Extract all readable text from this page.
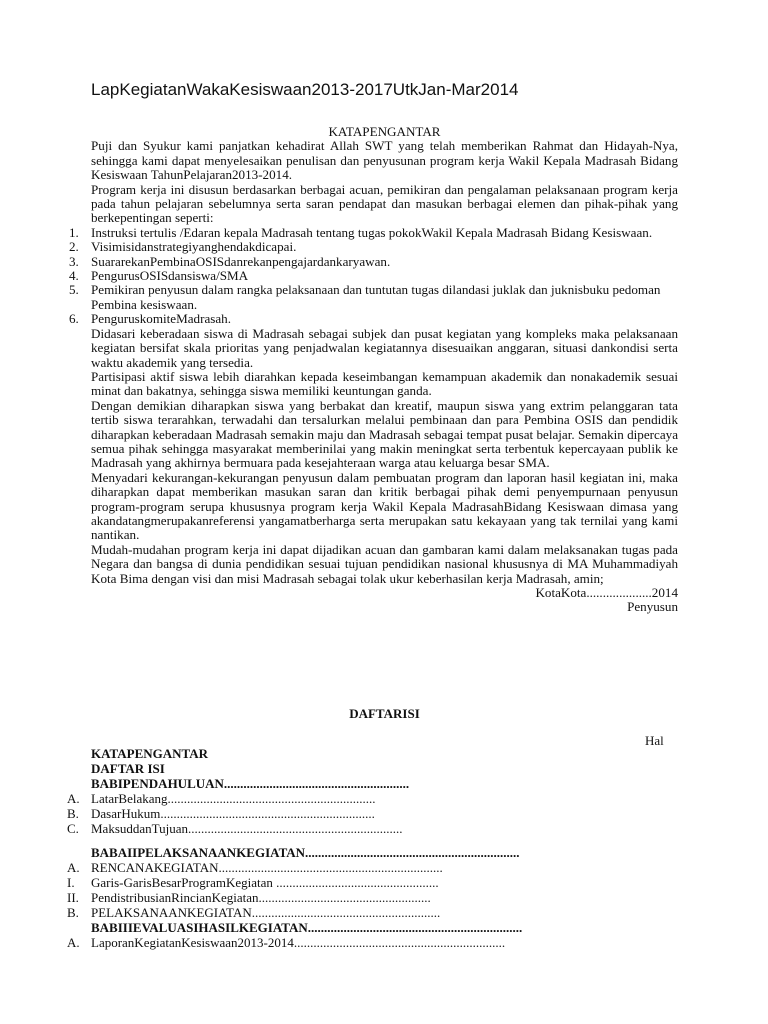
LapKegiatanWakaKesiswaan2013-2017UtkJan-Mar2014
KATAPENGANTAR

Puji dan Syukur kami panjatkan kehadirat Allah SWT yang telah memberikan Rahmat dan Hidayah-Nya, sehingga kami dapat menyelesaikan penulisan dan penyusunan program kerja Wakil Kepala Madrasah Bidang Kesiswaan TahunPelajaran2013-2014.

Program kerja ini disusun berdasarkan berbagai acuan, pemikiran dan pengalaman pelaksanaan program kerja pada tahun pelajaran sebelumnya serta saran pendapat dan masukan berbagai elemen dan pihak-pihak yang berkepentingan seperti:

1. Instruksi tertulis /Edaran kepala Madrasah tentang tugas pokokWakil Kepala Madrasah Bidang Kesiswaan.
2. Visimisidanstrategiyanghendakdicapai.
3. SuararekanPembinaOSISdanrekanpengajardankaryawan.
4. PengurusOSISdansiswa/SMA
5. Pemikiran penyusun dalam rangka pelaksanaan dan tuntutan tugas dilandasi juklak dan juknisbuku pedoman Pembina kesiswaan.
6. PenguruskomiteMadrasah.

Didasari keberadaan siswa di Madrasah sebagai subjek dan pusat kegiatan yang kompleks maka pelaksanaan kegiatan bersifat skala prioritas yang penjadwalan kegiatannya disesuaikan anggaran, situasi dankondisi serta waktu akademik yang tersedia.

Partisipasi aktif siswa lebih diarahkan kepada keseimbangan kemampuan akademik dan nonakademik sesuai minat dan bakatnya, sehingga siswa memiliki keuntungan ganda.

Dengan demikian diharapkan siswa yang berbakat dan kreatif, maupun siswa yang extrim pelanggaran tata tertib siswa terarahkan, terwadahi dan tersalurkan melalui pembinaan dan para Pembina OSIS dan pendidik diharapkan keberadaan Madrasah semakin maju dan Madrasah sebagai tempat pusat belajar. Semakin dipercaya semua pihak sehingga masyarakat memberinilai yang makin meningkat serta terbentuk kepercayaan publik ke Madrasah yang akhirnya bermuara pada kesejahteraan warga atau keluarga besar SMA.

Menyadari kekurangan-kekurangan penyusun dalam pembuatan program dan laporan hasil kegiatan ini, maka diharapkan dapat memberikan masukan saran dan kritik berbagai pihak demi penyempurnaan penyusun program-program serupa khususnya program kerja Wakil Kepala MadrasahBidang Kesiswaan dimasa yang akandatangmerupakanreferensi yangamatberharga serta merupakan satu kekayaan yang tak ternilai yang kami nantikan.

Mudah-mudahan program kerja ini dapat dijadikan acuan dan gambaran kami dalam melaksanakan tugas pada Negara dan bangsa di dunia pendidikan sesuai tujuan pendidikan nasional khususnya di MA Muhammadiyah Kota Bima dengan visi dan misi Madrasah sebagai tolak ukur keberhasilan kerja Madrasah, amin;

KotaKota....................2014
Penyusun
DAFTARISI
Hal
KATAPENGANTAR
DAFTAR ISI
BABIPENDAHULUAN.........................................................
A. LatarBelakang................................................................
B. DasarHukum..................................................................
C. MaksuddanTujuan..................................................................
BABAIIPELAKSANAANKEGIATAN..................................................................
A. RENCANAKEGIATAN.....................................................................
I. Garis-GarisBesarProgramKegiatan ..................................................
II. PendistribusianRincianKegiatan.....................................................
B. PELAKSANAANKEGIATAN..........................................................
BABIIIEVALUASIHASILKEGIATAN..................................................................
A. LaporanKegiatanKesiswaan2013-2014.................................................................
